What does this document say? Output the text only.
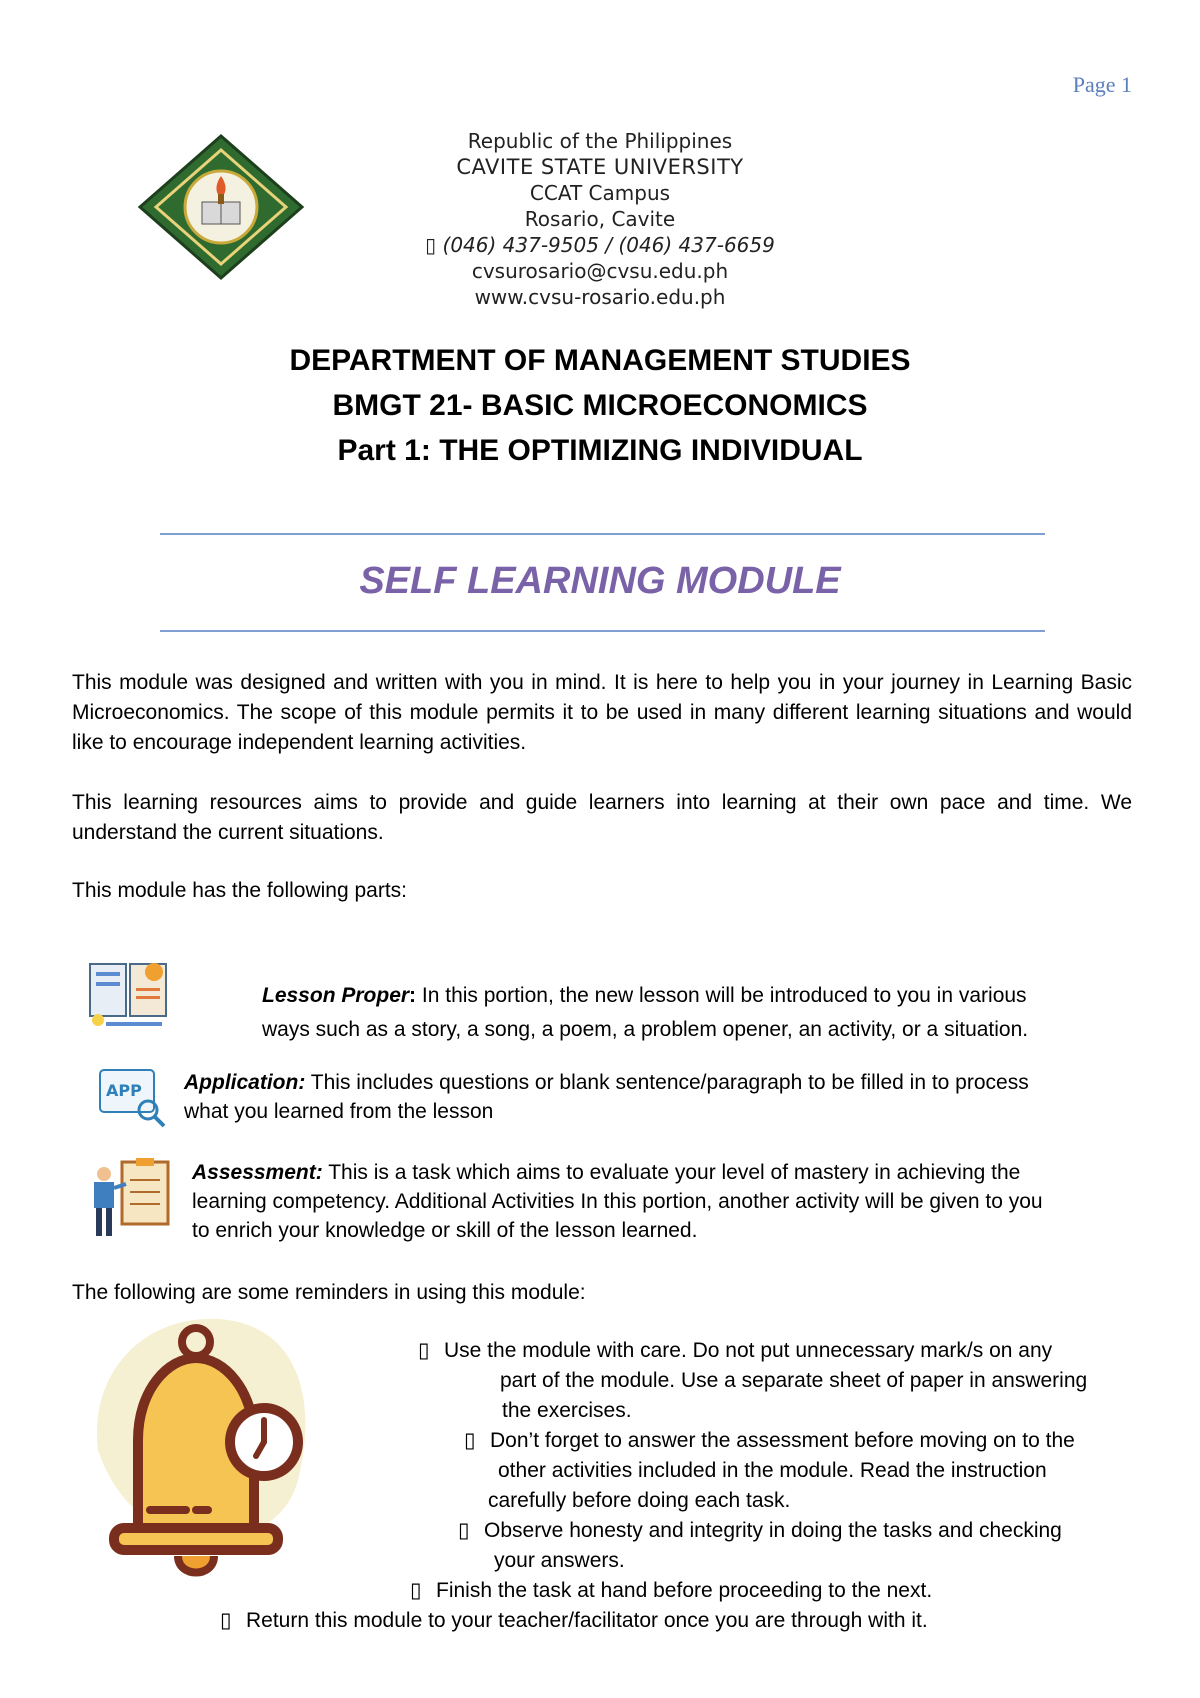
Page 1
Republic of the Philippines
CAVITE STATE UNIVERSITY
CCAT Campus
Rosario, Cavite
▯ (046) 437-9505 / (046) 437-6659
cvsurosario@cvsu.edu.ph
www.cvsu-rosario.edu.ph
DEPARTMENT OF MANAGEMENT STUDIES
BMGT 21- BASIC MICROECONOMICS
Part 1: THE OPTIMIZING INDIVIDUAL
SELF LEARNING MODULE
This module was designed and written with you in mind. It is here to help you in your journey in Learning Basic Microeconomics. The scope of this module permits it to be used in many different learning situations and would like to encourage independent learning activities.
This learning resources aims to provide and guide learners into learning at their own pace and time. We understand the current situations.
This module has the following parts:
Lesson Proper: In this portion, the new lesson will be introduced to you in various
ways such as a story, a song, a poem, a problem opener, an activity, or a situation.
APP Application: This includes questions or blank sentence/paragraph to be filled in to process
what you learned from the lesson
Assessment: This is a task which aims to evaluate your level of mastery in achieving the
learning competency. Additional Activities In this portion, another activity will be given to you
to enrich your knowledge or skill of the lesson learned.
The following are some reminders in using this module:
▯ Use the module with care. Do not put unnecessary mark/s on any
part of the module. Use a separate sheet of paper in answering
the exercises.
▯ Don’t forget to answer the assessment before moving on to the
other activities included in the module. Read the instruction
carefully before doing each task.
▯ Observe honesty and integrity in doing the tasks and checking
your answers.
▯ Finish the task at hand before proceeding to the next.
▯ Return this module to your teacher/facilitator once you are through with it.
